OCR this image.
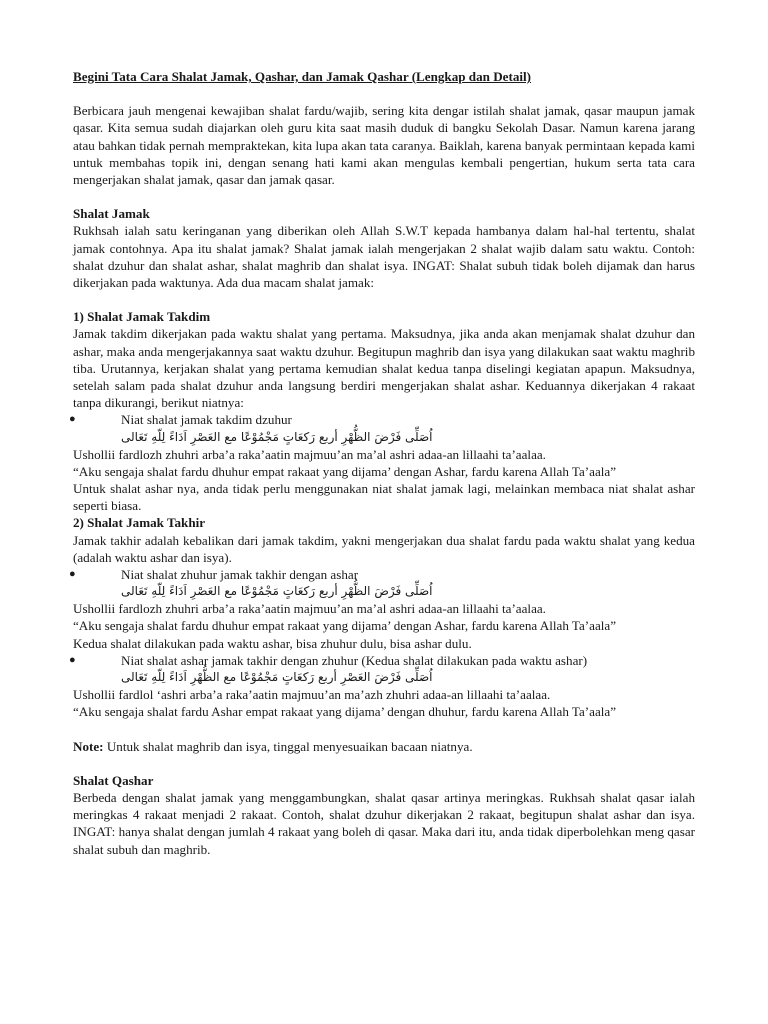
Begini Tata Cara Shalat Jamak, Qashar, dan Jamak Qashar (Lengkap dan Detail)

Berbicara jauh mengenai kewajiban shalat fardu/wajib, sering kita dengar istilah shalat jamak, qasar maupun jamak qasar. Kita semua sudah diajarkan oleh guru kita saat masih duduk di bangku Sekolah Dasar. Namun karena jarang atau bahkan tidak pernah mempraktekan, kita lupa akan tata caranya. Baiklah, karena banyak permintaan kepada kami untuk membahas topik ini, dengan senang hati kami akan mengulas kembali pengertian, hukum serta tata cara mengerjakan shalat jamak, qasar dan jamak qasar.

Shalat Jamak

Rukhsah ialah satu keringanan yang diberikan oleh Allah S.W.T kepada hambanya dalam hal-hal tertentu, shalat jamak contohnya. Apa itu shalat jamak? Shalat jamak ialah mengerjakan 2 shalat wajib dalam satu waktu. Contoh: shalat dzuhur dan shalat ashar, shalat maghrib dan shalat isya. INGAT: Shalat subuh tidak boleh dijamak dan harus dikerjakan pada waktunya. Ada dua macam shalat jamak:

1) Shalat Jamak Takdim

Jamak takdim dikerjakan pada waktu shalat yang pertama. Maksudnya, jika anda akan menjamak shalat dzuhur dan ashar, maka anda mengerjakannya saat waktu dzuhur. Begitupun maghrib dan isya yang dilakukan saat waktu maghrib tiba. Urutannya, kerjakan shalat yang pertama kemudian shalat kedua tanpa diselingi kegiatan apapun. Maksudnya, setelah salam pada shalat dzuhur anda langsung berdiri mengerjakan shalat ashar. Keduannya dikerjakan 4 rakaat tanpa dikurangi, berikut niatnya:

●	Niat shalat jamak takdim dzuhur

اُصَلِّى فَرْضَ الظُّهْرِ أربع رَكعَاتٍ مَجْمُوْعًا مع العَصْرِ اَدَاءً لِلّهِ تَعَالى

Ushollii fardlozh zhuhri arba’a raka’aatin majmuu’an ma’al ashri adaa-an lillaahi ta’aalaa.

“Aku sengaja shalat fardu dhuhur empat rakaat yang dijama’ dengan Ashar, fardu karena Allah Ta’aala”

Untuk shalat ashar nya, anda tidak perlu menggunakan niat shalat jamak lagi, melainkan membaca niat shalat ashar seperti biasa.

2) Shalat Jamak Takhir

Jamak takhir adalah kebalikan dari jamak takdim, yakni mengerjakan dua shalat fardu pada waktu shalat yang kedua (adalah waktu ashar dan isya).

●	Niat shalat zhuhur jamak takhir dengan ashar

اُصَلِّى فَرْضَ الظُّهْرِ أربع رَكعَاتٍ مَجْمُوْعًا مع العَصْرِ اَدَاءً لِلّهِ تَعَالى

Ushollii fardlozh zhuhri arba’a raka’aatin majmuu’an ma’al ashri adaa-an lillaahi ta’aalaa.

“Aku sengaja shalat fardu dhuhur empat rakaat yang dijama’ dengan Ashar, fardu karena Allah Ta’aala”

Kedua shalat dilakukan pada waktu ashar, bisa zhuhur dulu, bisa ashar dulu.

●	Niat shalat ashar jamak takhir dengan zhuhur (Kedua shalat dilakukan pada waktu ashar)

اُصَلِّى فَرْضَ العَصْرِ أربع رَكعَاتٍ مَجْمُوْعًا مع الظُّهْرِ اَدَاءً لِلّهِ تَعَالى

Ushollii fardlol ‘ashri arba’a raka’aatin majmuu’an ma’azh zhuhri adaa-an lillaahi ta’aalaa.

“Aku sengaja shalat fardu Ashar empat rakaat yang dijama’ dengan dhuhur, fardu karena Allah Ta’aala”

Note: Untuk shalat maghrib dan isya, tinggal menyesuaikan bacaan niatnya.

Shalat Qashar

Berbeda dengan shalat jamak yang menggambungkan, shalat qasar artinya meringkas. Rukhsah shalat qasar ialah meringkas 4 rakaat menjadi 2 rakaat. Contoh, shalat dzuhur dikerjakan 2 rakaat, begitupun shalat ashar dan isya. INGAT: hanya shalat dengan jumlah 4 rakaat yang boleh di qasar. Maka dari itu, anda tidak diperbolehkan meng qasar shalat subuh dan maghrib.
